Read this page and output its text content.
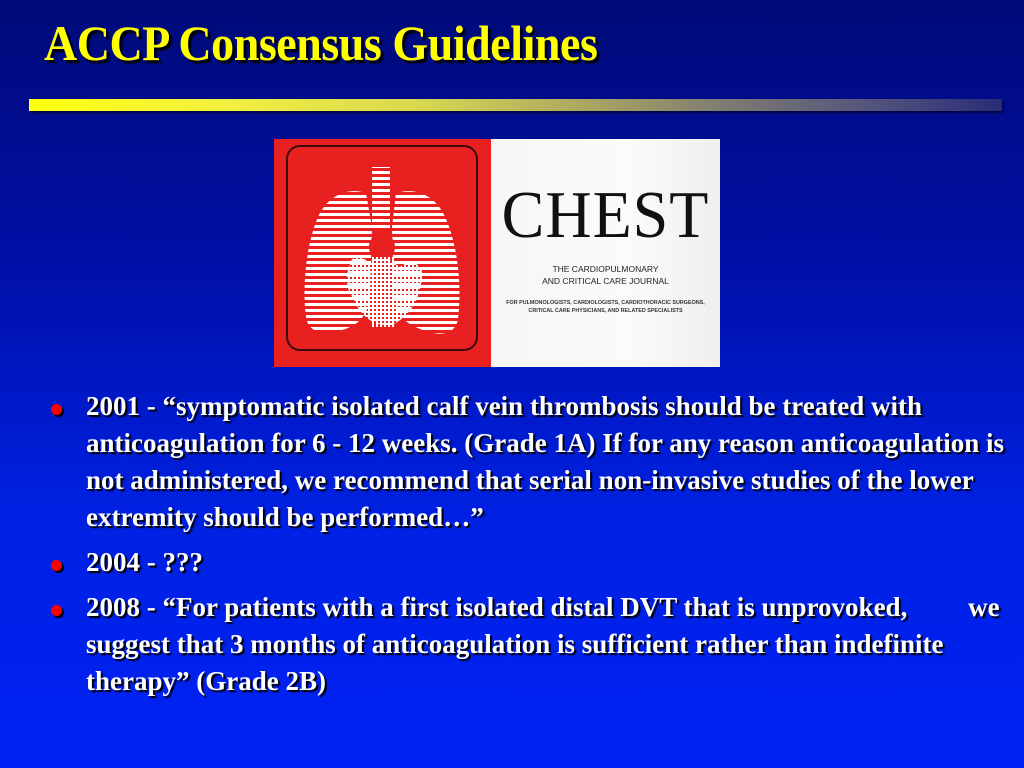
ACCP Consensus Guidelines
CHEST
THE CARDIOPULMONARY
AND CRITICAL CARE JOURNAL
FOR PULMONOLOGISTS, CARDIOLOGISTS, CARDIOTHORACIC SURGEONS,
CRITICAL CARE PHYSICIANS, AND RELATED SPECIALISTS
2001 - “symptomatic isolated calf vein thrombosis should be treated with anticoagulation for 6 - 12 weeks. (Grade 1A) If for any reason anticoagulation is not administered, we recommend that serial non-invasive studies of the lower extremity should be performed…”
2004 - ???
2008 - “For patients with a first isolated distal DVT that is unprovoked,         we suggest that 3 months of anticoagulation is sufficient rather than indefinite therapy” (Grade 2B)
